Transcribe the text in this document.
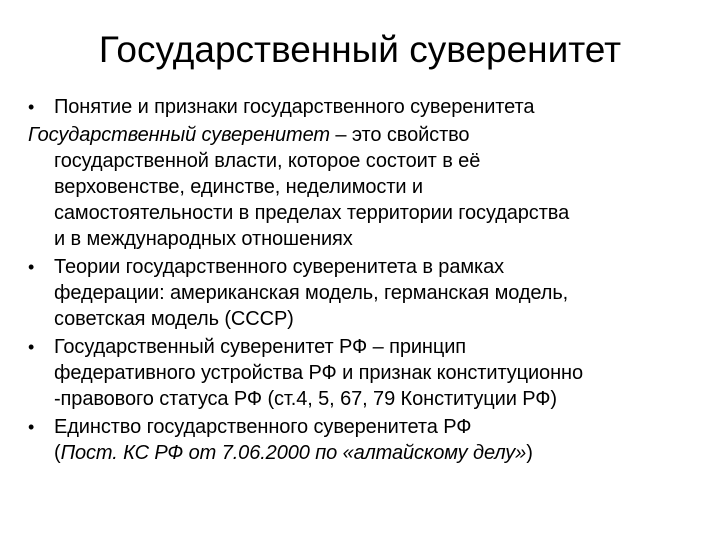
Государственный суверенитет
• Понятие и признаки государственного суверенитета
Государственный суверенитет – это свойство
государственной власти, которое состоит в её
верховенстве, единстве, неделимости и
самостоятельности в пределах территории государства
и в международных отношениях
• Теории государственного суверенитета в рамках
федерации: американская модель, германская модель,
советская модель (СССР)
• Государственный суверенитет РФ – принцип
федеративного устройства РФ и признак конституционно
-правового статуса РФ (ст.4, 5, 67, 79 Конституции РФ)
• Единство государственного суверенитета РФ
(Пост. КС РФ от 7.06.2000 по «алтайскому делу»)
